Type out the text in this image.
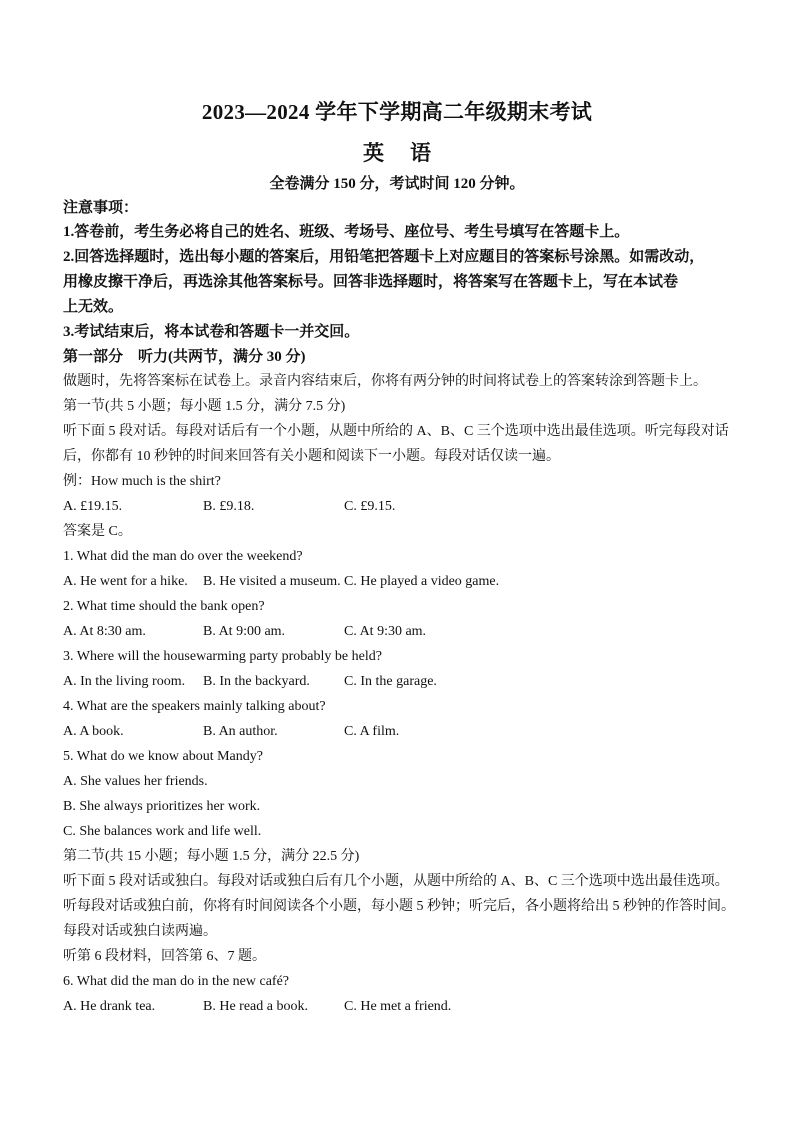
2023—2024 学年下学期高二年级期末考试
英语
全卷满分 150 分，考试时间 120 分钟。
注意事项：
1.答卷前，考生务必将自己的姓名、班级、考场号、座位号、考生号填写在答题卡上。
2.回答选择题时，选出每小题的答案后，用铅笔把答题卡上对应题目的答案标号涂黑。如需改动，
用橡皮擦干净后，再选涂其他答案标号。回答非选择题时，将答案写在答题卡上，写在本试卷
上无效。
3.考试结束后，将本试卷和答题卡一并交回。
第一部分　听力(共两节，满分 30 分)
做题时，先将答案标在试卷上。录音内容结束后，你将有两分钟的时间将试卷上的答案转涂到答题卡上。
第一节(共 5 小题；每小题 1.5 分，满分 7.5 分)
听下面 5 段对话。每段对话后有一个小题，从题中所给的 A、B、C 三个选项中选出最佳选项。听完每段对话
后，你都有 10 秒钟的时间来回答有关小题和阅读下一小题。每段对话仅读一遍。
例：How much is the shirt?
A. £19.15.	B. £9.18.	C. £9.15.
答案是 C。
1. What did the man do over the weekend?
A. He went for a hike. B. He visited a museum. C. He played a video game.
2. What time should the bank open?
A. At 8:30 am.	B. At 9:00 am.	C. At 9:30 am.
3. Where will the housewarming party probably be held?
A. In the living room. B. In the backyard. C. In the garage.
4. What are the speakers mainly talking about?
A. A book.	B. An author.	C. A film.
5. What do we know about Mandy?
A. She values her friends.
B. She always prioritizes her work.
C. She balances work and life well.
第二节(共 15 小题；每小题 1.5 分，满分 22.5 分)
听下面 5 段对话或独白。每段对话或独白后有几个小题，从题中所给的 A、B、C 三个选项中选出最佳选项。
听每段对话或独白前，你将有时间阅读各个小题，每小题 5 秒钟；听完后，各小题将给出 5 秒钟的作答时间。
每段对话或独白读两遍。
听第 6 段材料，回答第 6、7 题。
6. What did the man do in the new café?
A. He drank tea.	B. He read a book.	C. He met a friend.
